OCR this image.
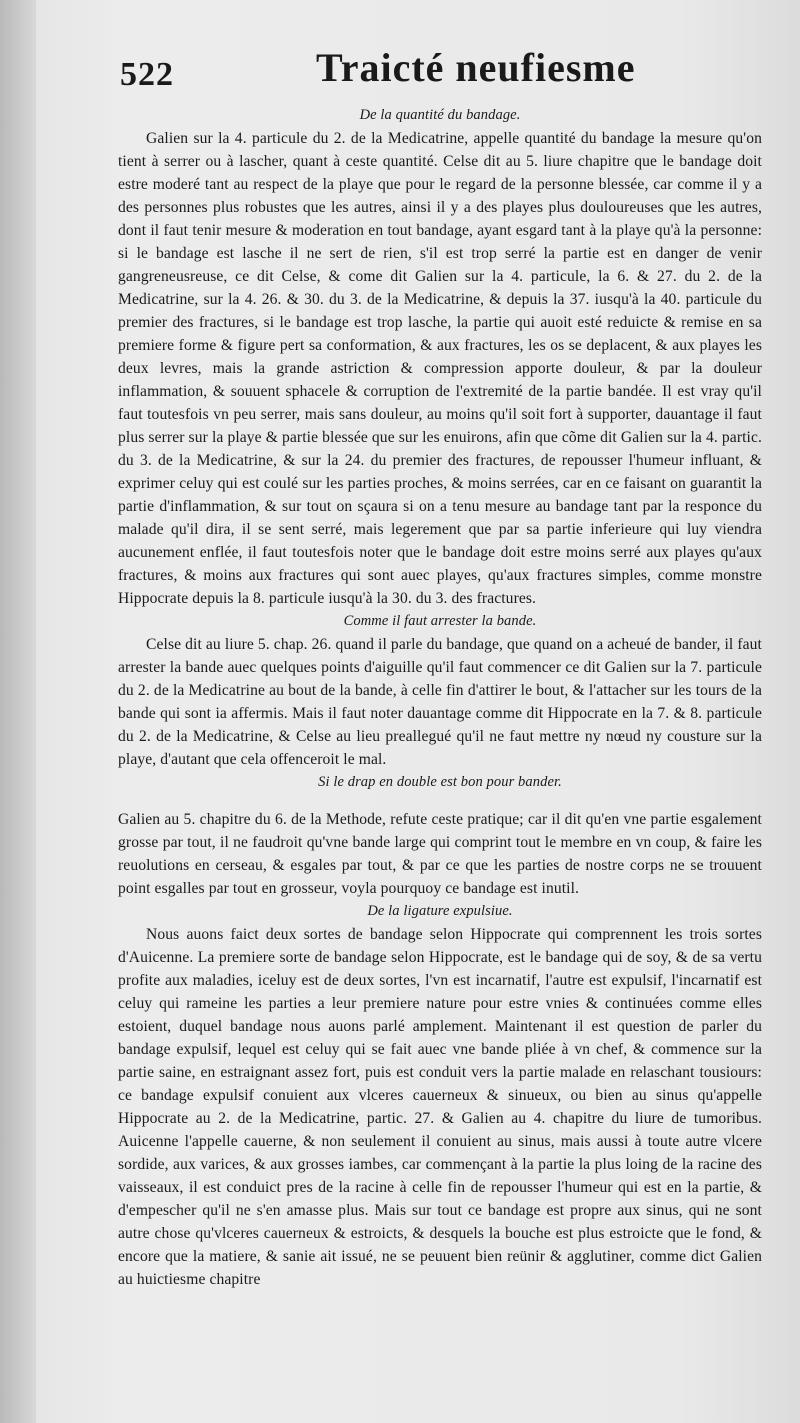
522	Traicté neufiesme

De la quantité du bandage.

Galien sur la 4. particule du 2. de la Medicatrine, appelle quantité du bandage la mesure qu'on tient à serrer ou à lascher, quant à ceste quantité. Celse dit au 5. liure chapitre que le bandage doit estre moderé tant au respect de la playe que pour le regard de la personne blessée, car comme il y a des personnes plus robustes que les autres, ainsi il y a des playes plus douloureuses que les autres, dont il faut tenir mesure & moderation en tout bandage, ayant esgard tant à la playe qu'à la personne: si le bandage est lasche il ne sert de rien, s'il est trop serré la partie est en danger de venir gangreneusreuse, ce dit Celse, & come dit Galien sur la 4. particule, la 6. & 27. du 2. de la Medicatrine, sur la 4. 26. & 30. du 3. de la Medicatrine, & depuis la 37. iusqu'à la 40. particule du premier des fractures, si le bandage est trop lasche, la partie qui auoit esté reduicte & remise en sa premiere forme & figure pert sa conformation, & aux fractures, les os se deplacent, & aux playes les deux levres, mais la grande astriction & compression apporte douleur, & par la douleur inflammation, & souuent sphacele & corruption de l'extremité de la partie bandée. Il est vray qu'il faut toutesfois vn peu serrer, mais sans douleur, au moins qu'il soit fort à supporter, dauantage il faut plus serrer sur la playe & partie blessée que sur les enuirons, afin que cõme dit Galien sur la 4. partic. du 3. de la Medicatrine, & sur la 24. du premier des fractures, de repousser l'humeur influant, & exprimer celuy qui est coulé sur les parties proches, & moins serrées, car en ce faisant on guarantit la partie d'inflammation, & sur tout on sçaura si on a tenu mesure au bandage tant par la responce du malade qu'il dira, il se sent serré, mais legerement que par sa partie inferieure qui luy viendra aucunement enflée, il faut toutesfois noter que le bandage doit estre moins serré aux playes qu'aux fractures, & moins aux fractures qui sont auec playes, qu'aux fractures simples, comme monstre Hippocrate depuis la 8. particule iusqu'à la 30. du 3. des fractures.

Comme il faut arrester la bande.

Celse dit au liure 5. chap. 26. quand il parle du bandage, que quand on a acheué de bander, il faut arrester la bande auec quelques points d'aiguille qu'il faut commencer ce dit Galien sur la 7. particule du 2. de la Medicatrine au bout de la bande, à celle fin d'attirer le bout, & l'attacher sur les tours de la bande qui sont ia affermis. Mais il faut noter dauantage comme dit Hippocrate en la 7. & 8. particule du 2. de la Medicatrine, & Celse au lieu preallegué qu'il ne faut mettre ny nœud ny cousture sur la playe, d'autant que cela offenceroit le mal.

Si le drap en double est bon pour bander.

Galien au 5. chapitre du 6. de la Methode, refute ceste pratique; car il dit qu'en vne partie esgalement grosse par tout, il ne faudroit qu'vne bande large qui comprint tout le membre en vn coup, & faire les reuolutions en cerseau, & esgales par tout, & par ce que les parties de nostre corps ne se trouuent point esgalles par tout en grosseur, voyla pourquoy ce bandage est inutil.

De la ligature expulsiue.

Nous auons faict deux sortes de bandage selon Hippocrate qui comprennent les trois sortes d'Auicenne. La premiere sorte de bandage selon Hippocrate, est le bandage qui de soy, & de sa vertu profite aux maladies, iceluy est de deux sortes, l'vn est incarnatif, l'autre est expulsif, l'incarnatif est celuy qui rameine les parties a leur premiere nature pour estre vnies & continuées comme elles estoient, duquel bandage nous auons parlé amplement. Maintenant il est question de parler du bandage expulsif, lequel est celuy qui se fait auec vne bande pliée à vn chef, & commence sur la partie saine, en estraignant assez fort, puis est conduit vers la partie malade en relaschant tousiours: ce bandage expulsif conuient aux vlceres cauerneux & sinueux, ou bien au sinus qu'appelle Hippocrate au 2. de la Medicatrine, partic. 27. & Galien au 4. chapitre du liure de tumoribus. Auicenne l'appelle cauerne, & non seulement il conuient au sinus, mais aussi à toute autre vlcere sordide, aux varices, & aux grosses iambes, car commençant à la partie la plus loing de la racine des vaisseaux, il est conduict pres de la racine à celle fin de repousser l'humeur qui est en la partie, & d'empescher qu'il ne s'en amasse plus. Mais sur tout ce bandage est propre aux sinus, qui ne sont autre chose qu'vlceres cauerneux & estroicts, & desquels la bouche est plus estroicte que le fond, & encore que la matiere, & sanie ait issué, ne se peuuent bien reünir & agglutiner, comme dict Galien au huictiesme chapitre
